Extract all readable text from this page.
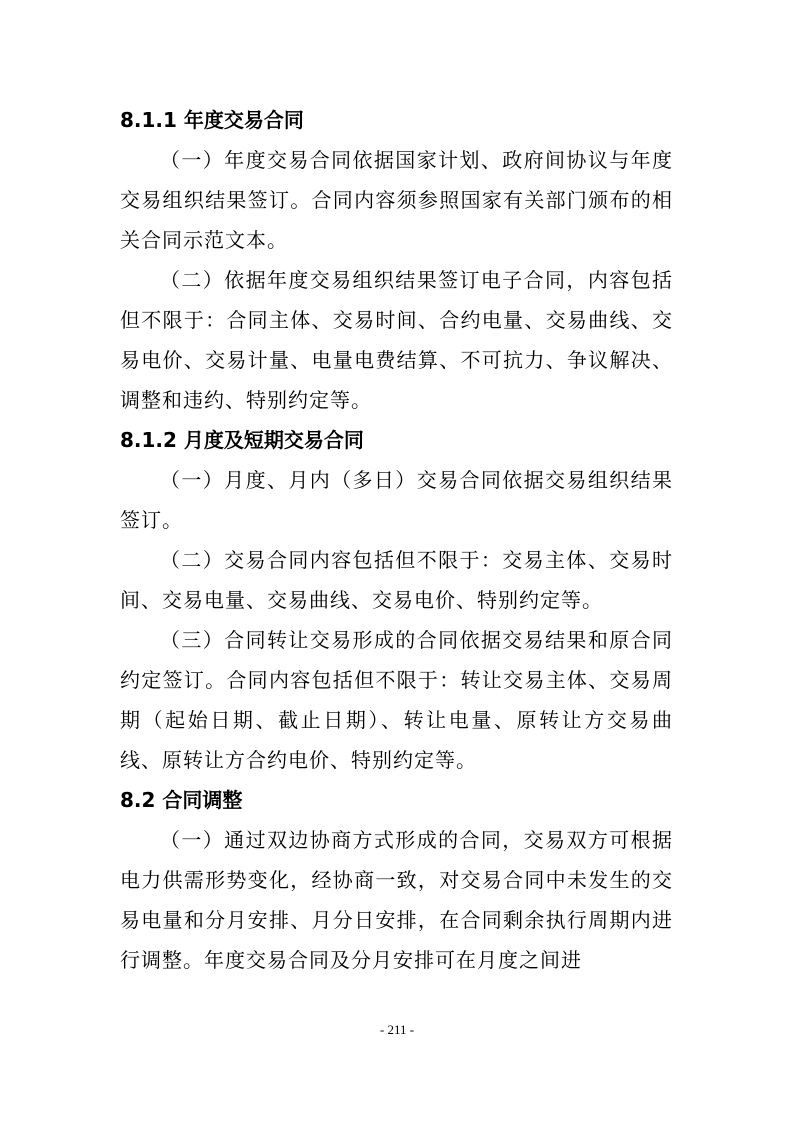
8.1.1 年度交易合同

（一）年度交易合同依据国家计划、政府间协议与年度交易组织结果签订。合同内容须参照国家有关部门颁布的相关合同示范文本。

（二）依据年度交易组织结果签订电子合同，内容包括但不限于：合同主体、交易时间、合约电量、交易曲线、交易电价、交易计量、电量电费结算、不可抗力、争议解决、调整和违约、特别约定等。

8.1.2 月度及短期交易合同

（一）月度、月内（多日）交易合同依据交易组织结果签订。

（二）交易合同内容包括但不限于：交易主体、交易时间、交易电量、交易曲线、交易电价、特别约定等。

（三）合同转让交易形成的合同依据交易结果和原合同约定签订。合同内容包括但不限于：转让交易主体、交易周期（起始日期、截止日期）、转让电量、原转让方交易曲线、原转让方合约电价、特别约定等。

8.2 合同调整

（一）通过双边协商方式形成的合同，交易双方可根据电力供需形势变化，经协商一致，对交易合同中未发生的交易电量和分月安排、月分日安排，在合同剩余执行周期内进行调整。年度交易合同及分月安排可在月度之间进

- 211 -
